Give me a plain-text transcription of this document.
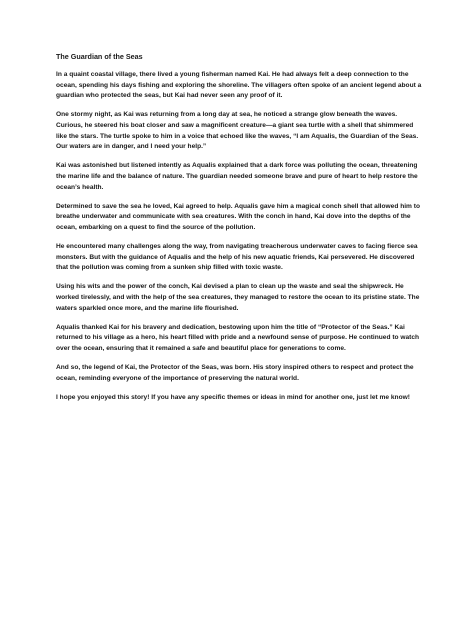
The Guardian of the Seas

In a quaint coastal village, there lived a young fisherman named Kai. He had always felt a deep connection to the ocean, spending his days fishing and exploring the shoreline. The villagers often spoke of an ancient legend about a guardian who protected the seas, but Kai had never seen any proof of it.

One stormy night, as Kai was returning from a long day at sea, he noticed a strange glow beneath the waves. Curious, he steered his boat closer and saw a magnificent creature—a giant sea turtle with a shell that shimmered like the stars. The turtle spoke to him in a voice that echoed like the waves, “I am Aqualis, the Guardian of the Seas. Our waters are in danger, and I need your help.”

Kai was astonished but listened intently as Aqualis explained that a dark force was polluting the ocean, threatening the marine life and the balance of nature. The guardian needed someone brave and pure of heart to help restore the ocean’s health.

Determined to save the sea he loved, Kai agreed to help. Aqualis gave him a magical conch shell that allowed him to breathe underwater and communicate with sea creatures. With the conch in hand, Kai dove into the depths of the ocean, embarking on a quest to find the source of the pollution.

He encountered many challenges along the way, from navigating treacherous underwater caves to facing fierce sea monsters. But with the guidance of Aqualis and the help of his new aquatic friends, Kai persevered. He discovered that the pollution was coming from a sunken ship filled with toxic waste.

Using his wits and the power of the conch, Kai devised a plan to clean up the waste and seal the shipwreck. He worked tirelessly, and with the help of the sea creatures, they managed to restore the ocean to its pristine state. The waters sparkled once more, and the marine life flourished.

Aqualis thanked Kai for his bravery and dedication, bestowing upon him the title of “Protector of the Seas.” Kai returned to his village as a hero, his heart filled with pride and a newfound sense of purpose. He continued to watch over the ocean, ensuring that it remained a safe and beautiful place for generations to come.

And so, the legend of Kai, the Protector of the Seas, was born. His story inspired others to respect and protect the ocean, reminding everyone of the importance of preserving the natural world.

I hope you enjoyed this story! If you have any specific themes or ideas in mind for another one, just let me know!
